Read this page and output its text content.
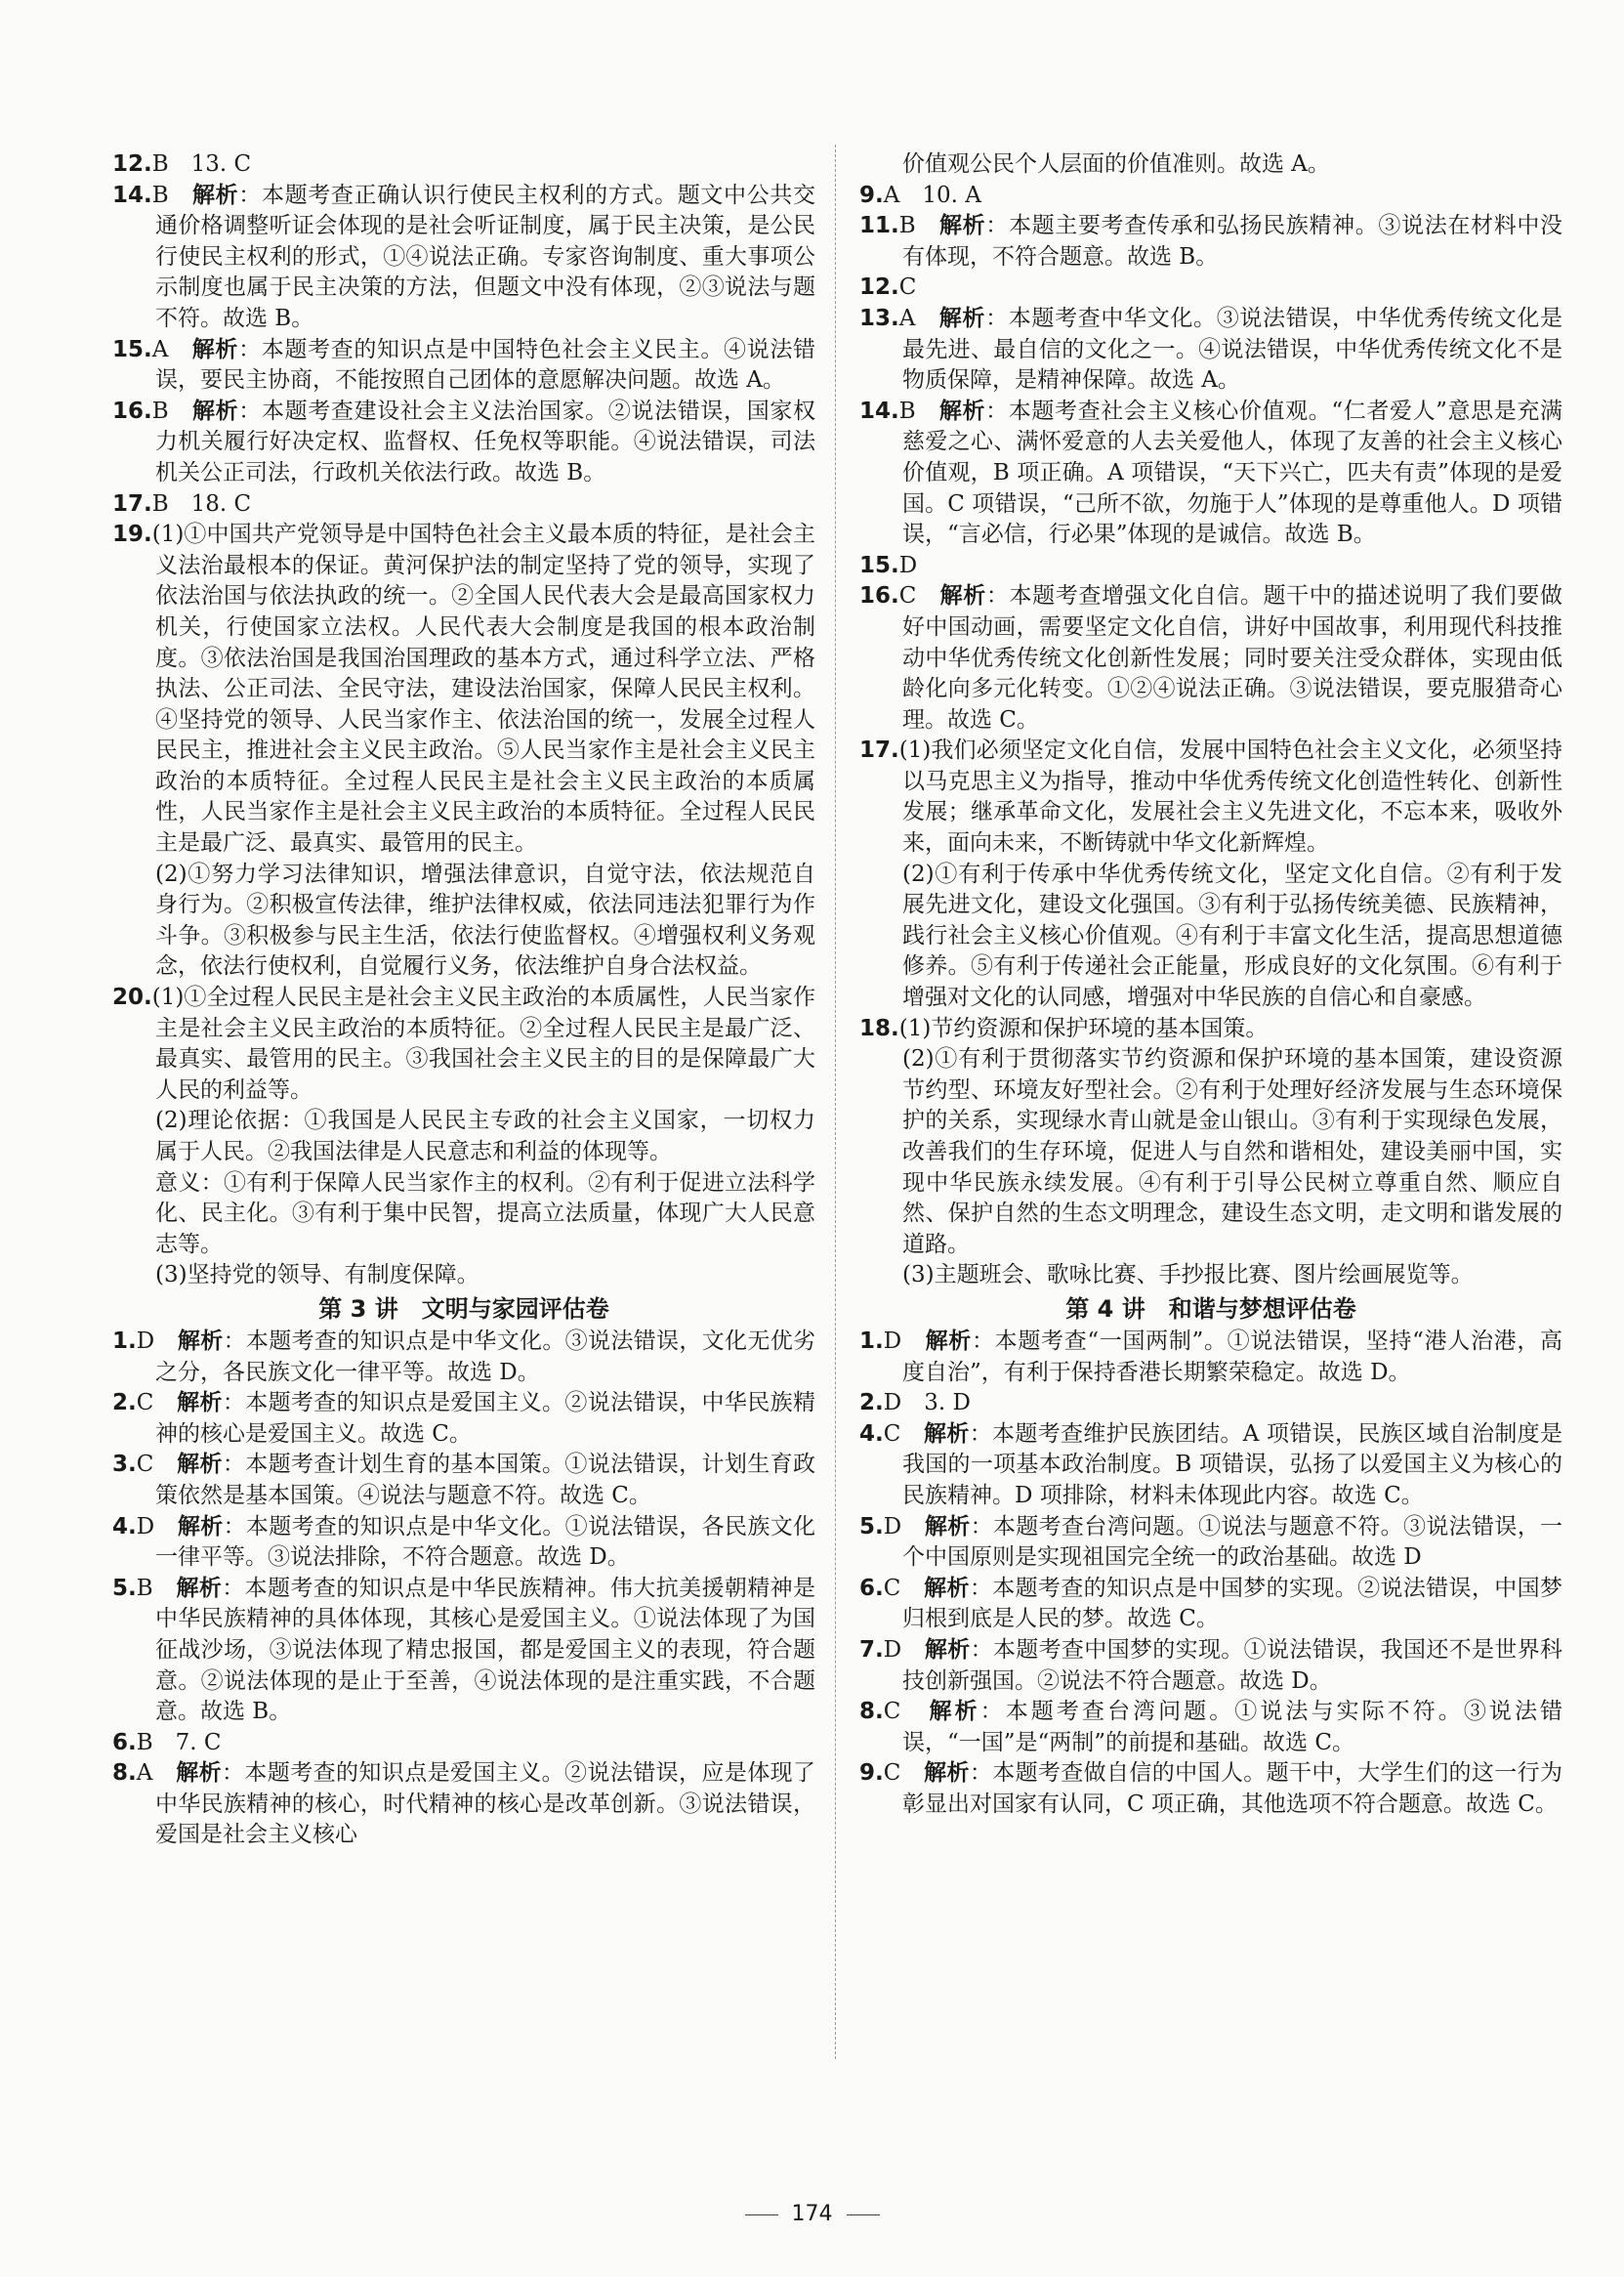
12.B　13. C
14.B　 解析：本题考查正确认识行使民主权利的方式。题文中公共交通价格调整听证会体现的是社会听证制度，属于民主决策，是公民行使民主权利的形式，①④说法正确。专家咨询制度、重大事项公示制度也属于民主决策的方法，但题文中没有体现，②③说法与题不符。故选 B。
15.A　 解析：本题考查的知识点是中国特色社会主义民主。④说法错误，要民主协商，不能按照自己团体的意愿解决问题。故选 A。
16.B　 解析：本题考查建设社会主义法治国家。②说法错误，国家权力机关履行好决定权、监督权、任免权等职能。④说法错误，司法机关公正司法，行政机关依法行政。故选 B。
17.B　18. C
19.(1)①中国共产党领导是中国特色社会主义最本质的特征，是社会主义法治最根本的保证。黄河保护法的制定坚持了党的领导，实现了依法治国与依法执政的统一。②全国人民代表大会是最高国家权力机关，行使国家立法权。人民代表大会制度是我国的根本政治制度。③依法治国是我国治国理政的基本方式，通过科学立法、严格执法、公正司法、全民守法，建设法治国家，保障人民民主权利。④坚持党的领导、人民当家作主、依法治国的统一，发展全过程人民民主，推进社会主义民主政治。⑤人民当家作主是社会主义民主政治的本质特征。全过程人民民主是社会主义民主政治的本质属性，人民当家作主是社会主义民主政治的本质特征。全过程人民民主是最广泛、最真实、最管用的民主。
(2)①努力学习法律知识，增强法律意识，自觉守法，依法规范自身行为。②积极宣传法律，维护法律权威，依法同违法犯罪行为作斗争。③积极参与民主生活，依法行使监督权。④增强权利义务观念，依法行使权利，自觉履行义务，依法维护自身合法权益。
20.(1)①全过程人民民主是社会主义民主政治的本质属性，人民当家作主是社会主义民主政治的本质特征。②全过程人民民主是最广泛、最真实、最管用的民主。③我国社会主义民主的目的是保障最广大人民的利益等。
(2)理论依据：①我国是人民民主专政的社会主义国家，一切权力属于人民。②我国法律是人民意志和利益的体现等。
意义：①有利于保障人民当家作主的权利。②有利于促进立法科学化、民主化。③有利于集中民智，提高立法质量，体现广大人民意志等。
(3)坚持党的领导、有制度保障。
第 3 讲　文明与家园评估卷
1.D　 解析：本题考查的知识点是中华文化。③说法错误，文化无优劣之分，各民族文化一律平等。故选 D。
2.C　 解析：本题考查的知识点是爱国主义。②说法错误，中华民族精神的核心是爱国主义。故选 C。
3.C　 解析：本题考查计划生育的基本国策。①说法错误，计划生育政策依然是基本国策。④说法与题意不符。故选 C。
4.D　 解析：本题考查的知识点是中华文化。①说法错误，各民族文化一律平等。③说法排除，不符合题意。故选 D。
5.B　 解析：本题考查的知识点是中华民族精神。伟大抗美援朝精神是中华民族精神的具体体现，其核心是爱国主义。①说法体现了为国征战沙场，③说法体现了精忠报国，都是爱国主义的表现，符合题意。②说法体现的是止于至善，④说法体现的是注重实践，不合题意。故选 B。
6.B　7. C
8.A　 解析：本题考查的知识点是爱国主义。②说法错误，应是体现了中华民族精神的核心，时代精神的核心是改革创新。③说法错误，爱国是社会主义核心
价值观公民个人层面的价值准则。故选 A。
9.A　10. A
11.B　 解析：本题主要考查传承和弘扬民族精神。③说法在材料中没有体现，不符合题意。故选 B。
12.C
13.A　 解析：本题考查中华文化。③说法错误，中华优秀传统文化是最先进、最自信的文化之一。④说法错误，中华优秀传统文化不是物质保障，是精神保障。故选 A。
14.B　 解析：本题考查社会主义核心价值观。“仁者爱人”意思是充满慈爱之心、满怀爱意的人去关爱他人，体现了友善的社会主义核心价值观，B 项正确。A 项错误，“天下兴亡，匹夫有责”体现的是爱国。C 项错误，“己所不欲，勿施于人”体现的是尊重他人。D 项错误，“言必信，行必果”体现的是诚信。故选 B。
15.D
16.C　 解析：本题考查增强文化自信。题干中的描述说明了我们要做好中国动画，需要坚定文化自信，讲好中国故事，利用现代科技推动中华优秀传统文化创新性发展；同时要关注受众群体，实现由低龄化向多元化转变。①②④说法正确。③说法错误，要克服猎奇心理。故选 C。
17.(1)我们必须坚定文化自信，发展中国特色社会主义文化，必须坚持以马克思主义为指导，推动中华优秀传统文化创造性转化、创新性发展；继承革命文化，发展社会主义先进文化，不忘本来，吸收外来，面向未来，不断铸就中华文化新辉煌。
(2)①有利于传承中华优秀传统文化，坚定文化自信。②有利于发展先进文化，建设文化强国。③有利于弘扬传统美德、民族精神，践行社会主义核心价值观。④有利于丰富文化生活，提高思想道德修养。⑤有利于传递社会正能量，形成良好的文化氛围。⑥有利于增强对文化的认同感，增强对中华民族的自信心和自豪感。
18.(1)节约资源和保护环境的基本国策。
(2)①有利于贯彻落实节约资源和保护环境的基本国策，建设资源节约型、环境友好型社会。②有利于处理好经济发展与生态环境保护的关系，实现绿水青山就是金山银山。③有利于实现绿色发展，改善我们的生存环境，促进人与自然和谐相处，建设美丽中国，实现中华民族永续发展。④有利于引导公民树立尊重自然、顺应自然、保护自然的生态文明理念，建设生态文明，走文明和谐发展的道路。
(3)主题班会、歌咏比赛、手抄报比赛、图片绘画展览等。
第 4 讲　和谐与梦想评估卷
1.D　 解析：本题考查“一国两制”。①说法错误，坚持“港人治港，高度自治”，有利于保持香港长期繁荣稳定。故选 D。
2.D　3. D
4.C　 解析：本题考查维护民族团结。A 项错误，民族区域自治制度是我国的一项基本政治制度。B 项错误，弘扬了以爱国主义为核心的民族精神。D 项排除，材料未体现此内容。故选 C。
5.D　 解析：本题考查台湾问题。①说法与题意不符。③说法错误，一个中国原则是实现祖国完全统一的政治基础。故选 D
6.C　 解析：本题考查的知识点是中国梦的实现。②说法错误，中国梦归根到底是人民的梦。故选 C。
7.D　 解析：本题考查中国梦的实现。①说法错误，我国还不是世界科技创新强国。②说法不符合题意。故选 D。
8.C　 解析：本题考查台湾问题。①说法与实际不符。③说法错误，“一国”是“两制”的前提和基础。故选 C。
9.C　 解析：本题考查做自信的中国人。题干中，大学生们的这一行为彰显出对国家有认同，C 项正确，其他选项不符合题意。故选 C。
174
